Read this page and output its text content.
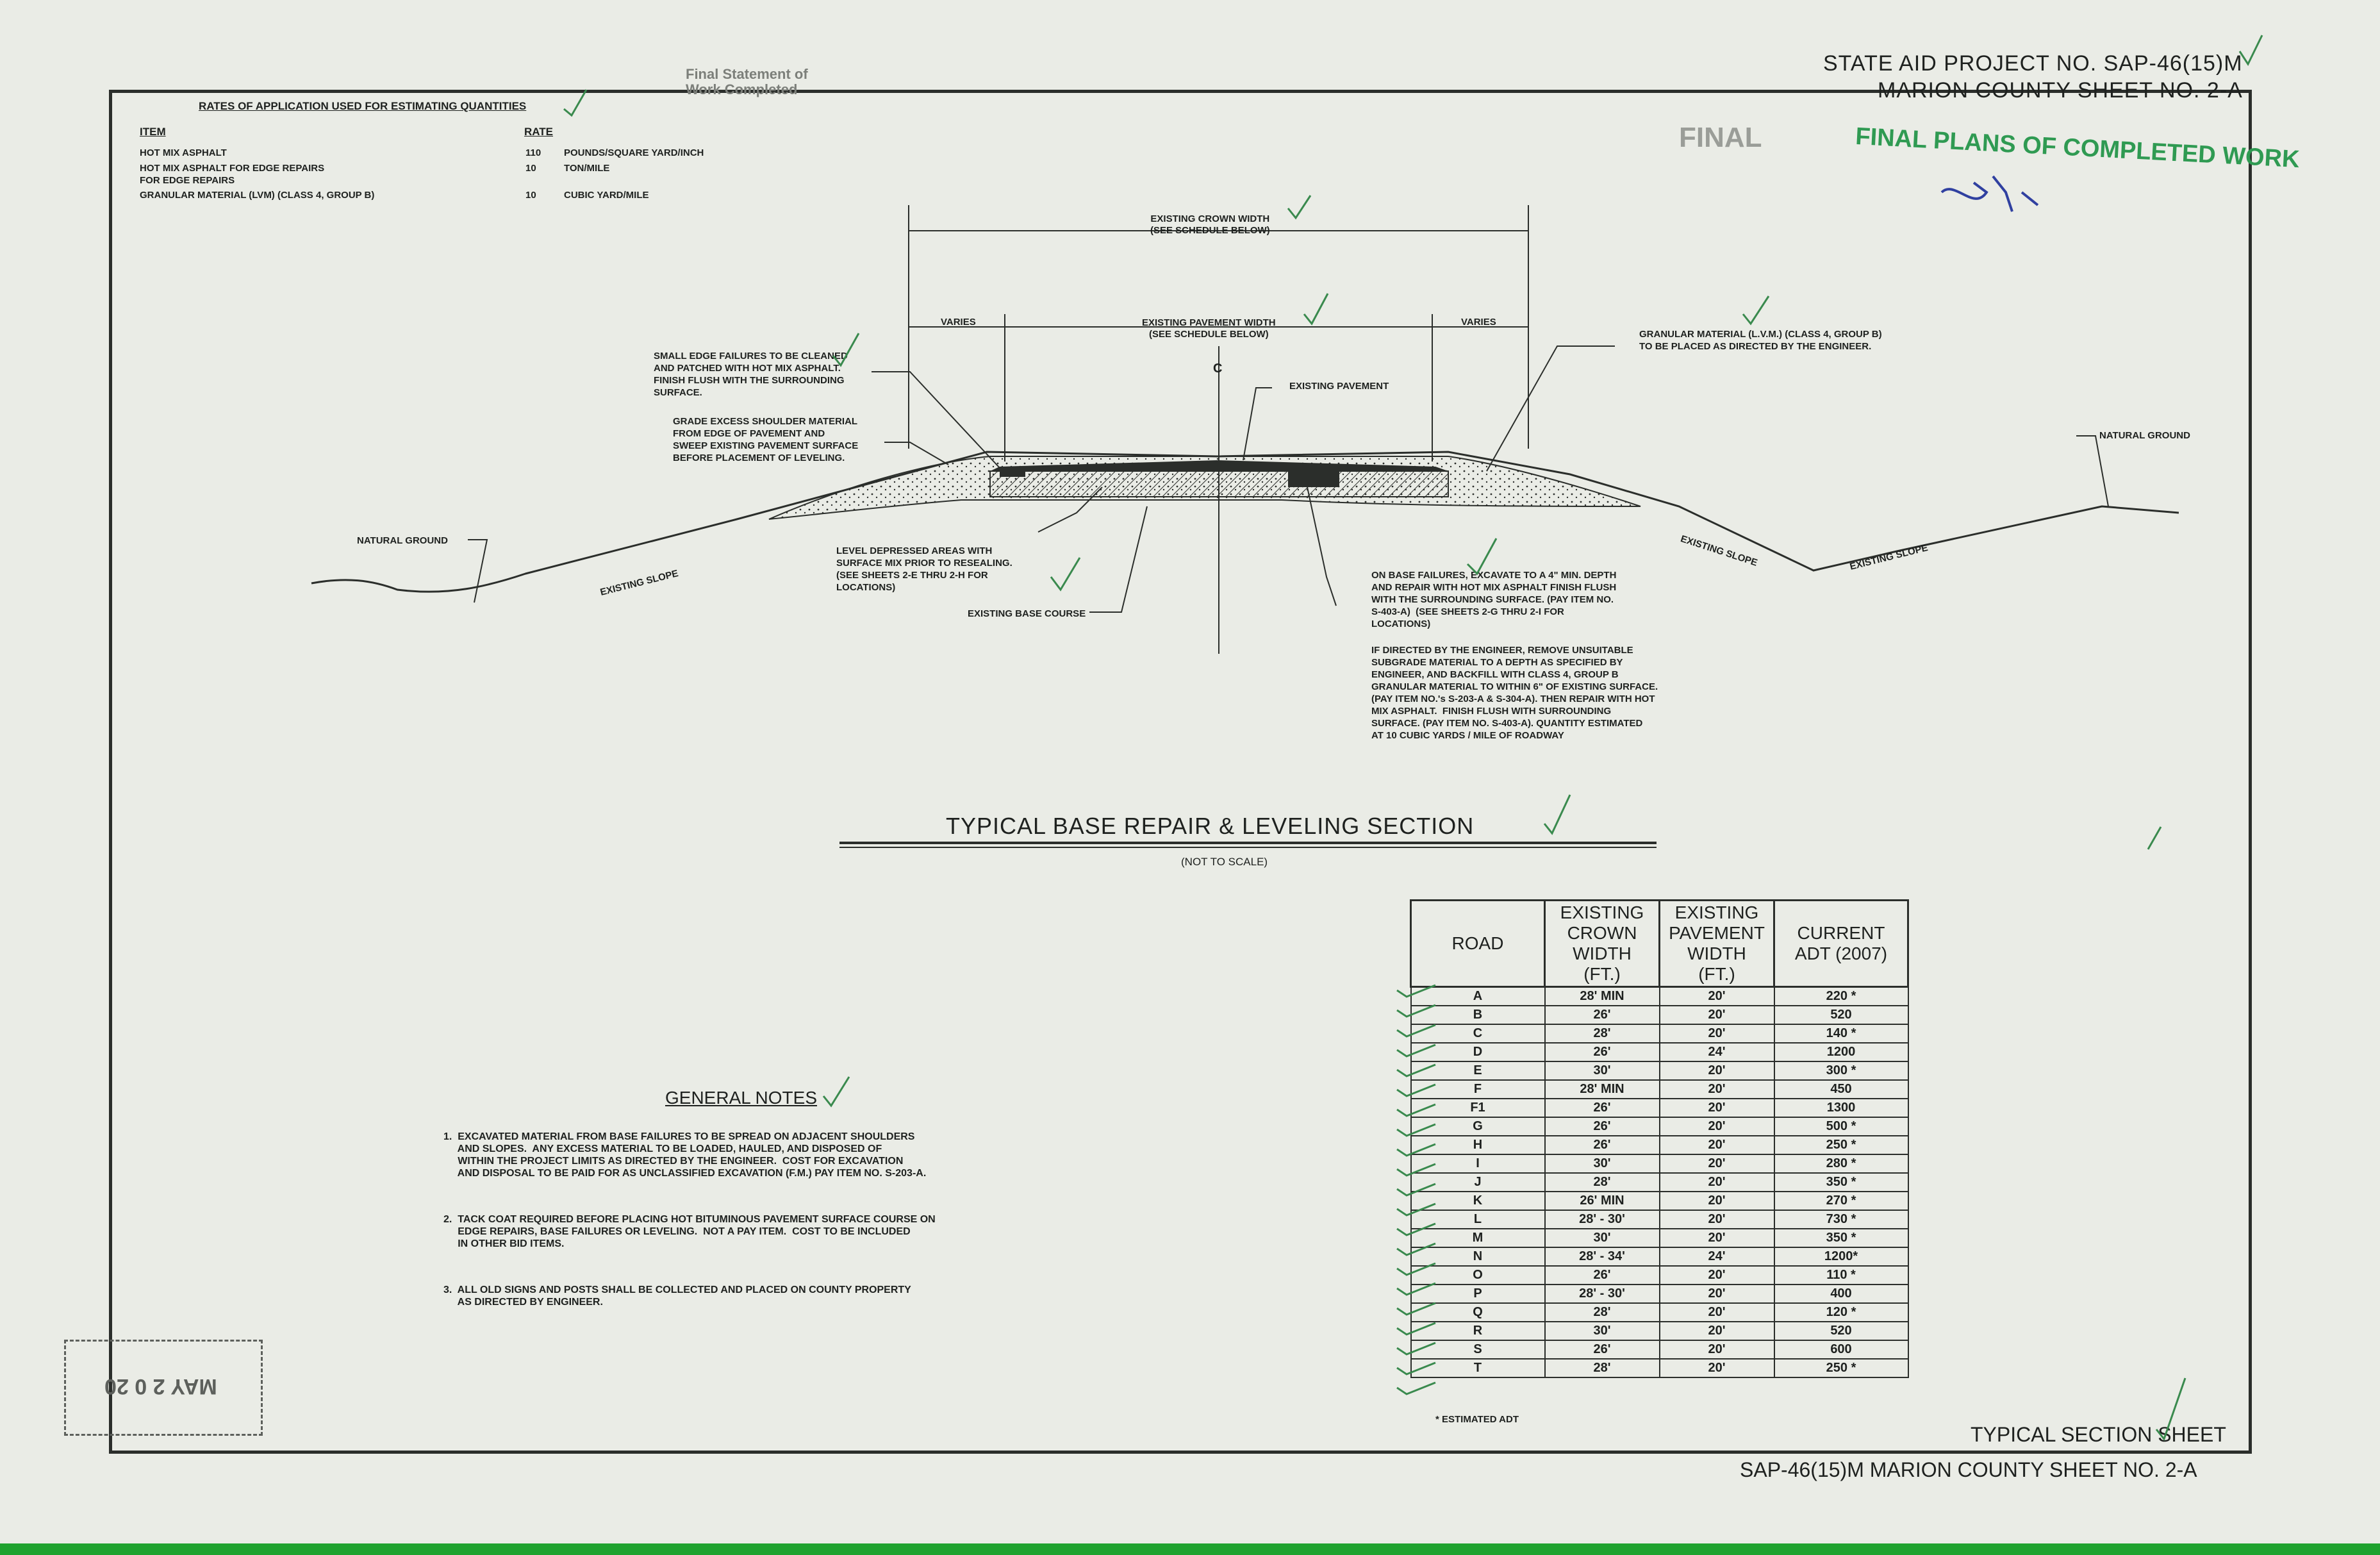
STATE AID PROJECT NO. SAP-46(15)M
MARION COUNTY SHEET NO. 2-A
FINAL PLANS OF COMPLETED WORK
FINAL
Final Statement of
Work Completed
RATES OF APPLICATION USED FOR ESTIMATING QUANTITIES
ITEM	RATE
HOT MIX ASPHALT	110 POUNDS/SQUARE YARD/INCH
HOT MIX ASPHALT FOR EDGE REPAIRS
FOR EDGE REPAIRS
10	TON/MILE
GRANULAR MATERIAL (LVM) (CLASS 4, GROUP B)	10	CUBIC YARD/MILE
EXISTING CROWN WIDTH
(SEE SCHEDULE BELOW)
EXISTING PAVEMENT WIDTH
(SEE SCHEDULE BELOW)
VARIES	VARIES
C
EXISTING PAVEMENT
GRANULAR MATERIAL (L.V.M.) (CLASS 4, GROUP B)
TO BE PLACED AS DIRECTED BY THE ENGINEER.
SMALL EDGE FAILURES TO BE CLEANED
AND PATCHED WITH HOT MIX ASPHALT.
FINISH FLUSH WITH THE SURROUNDING
SURFACE.
GRADE EXCESS SHOULDER MATERIAL
FROM EDGE OF PAVEMENT AND
SWEEP EXISTING PAVEMENT SURFACE
BEFORE PLACEMENT OF LEVELING.
NATURAL GROUND
NATURAL GROUND
EXISTING SLOPE
EXISTING SLOPE	EXISTING SLOPE
LEVEL DEPRESSED AREAS WITH
SURFACE MIX PRIOR TO RESEALING.
(SEE SHEETS 2-E THRU 2-H FOR
LOCATIONS)
EXISTING BASE COURSE
ON BASE FAILURES, EXCAVATE TO A 4" MIN. DEPTH
AND REPAIR WITH HOT MIX ASPHALT FINISH FLUSH
WITH THE SURROUNDING SURFACE. (PAY ITEM NO.
S-403-A)  (SEE SHEETS 2-G THRU 2-I FOR
LOCATIONS)
IF DIRECTED BY THE ENGINEER, REMOVE UNSUITABLE
SUBGRADE MATERIAL TO A DEPTH AS SPECIFIED BY
ENGINEER, AND BACKFILL WITH CLASS 4, GROUP B
GRANULAR MATERIAL TO WITHIN 6" OF EXISTING SURFACE.
(PAY ITEM NO.'s S-203-A & S-304-A). THEN REPAIR WITH HOT
MIX ASPHALT.  FINISH FLUSH WITH SURROUNDING
SURFACE. (PAY ITEM NO. S-403-A). QUANTITY ESTIMATED
AT 10 CUBIC YARDS / MILE OF ROADWAY
TYPICAL BASE REPAIR & LEVELING SECTION
(NOT TO SCALE)
GENERAL NOTES
1.  EXCAVATED MATERIAL FROM BASE FAILURES TO BE SPREAD ON ADJACENT SHOULDERS
AND SLOPES.  ANY EXCESS MATERIAL TO BE LOADED, HAULED, AND DISPOSED OF
WITHIN THE PROJECT LIMITS AS DIRECTED BY THE ENGINEER.  COST FOR EXCAVATION
AND DISPOSAL TO BE PAID FOR AS UNCLASSIFIED EXCAVATION (F.M.) PAY ITEM NO. S-203-A.
2.  TACK COAT REQUIRED BEFORE PLACING HOT BITUMINOUS PAVEMENT SURFACE COURSE ON
EDGE REPAIRS, BASE FAILURES OR LEVELING.  NOT A PAY ITEM.  COST TO BE INCLUDED
IN OTHER BID ITEMS.
3.  ALL OLD SIGNS AND POSTS SHALL BE COLLECTED AND PLACED ON COUNTY PROPERTY
AS DIRECTED BY ENGINEER.
ROAD	EXISTING
CROWN
WIDTH
(FT.)	EXISTING
PAVEMENT
WIDTH
(FT.)	CURRENT
ADT (2007)
A	28' MIN	20'	220 *
B	26'	20'	520
C	28'	20'	140 *
D	26'	24'	1200
E	30'	20'	300 *
F	28' MIN	20'	450
F1	26'	20'	1300
G	26'	20'	500 *
H	26'	20'	250 *
I	30'	20'	280 *
J	28'	20'	350 *
K	26' MIN	20'	270 *
L	28' - 30'	20'	730 *
M	30'	20'	350 *
N	28' - 34'	24'	1200*
O	26'	20'	110 *
P	28' - 30'	20'	400
Q	28'	20'	120 *
R	30'	20'	520
S	26'	20'	600
T	28'	20'	250 *
* ESTIMATED ADT
TYPICAL SECTION SHEET
SAP-46(15)M MARION COUNTY SHEET NO. 2-A
MAY 2 0 20
